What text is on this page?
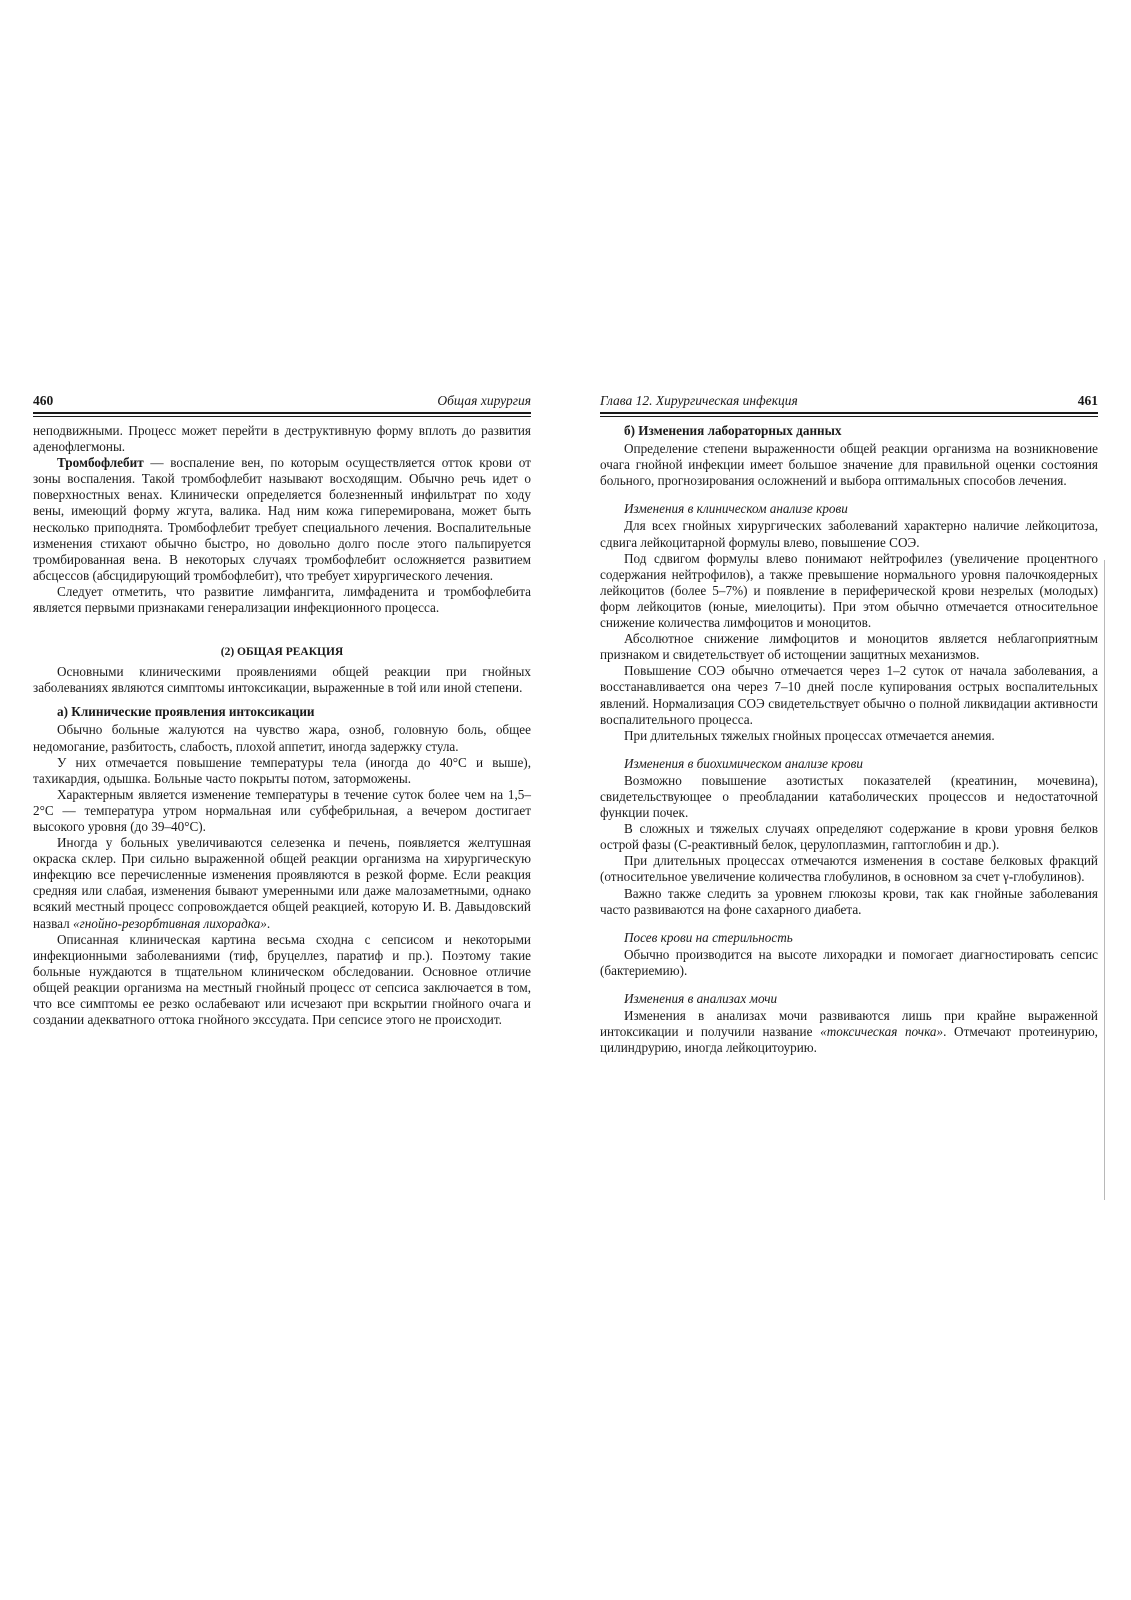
460	Общая хирургия

неподвижными. Процесс может перейти в деструктивную форму вплоть до развития аденофлегмоны.

Тромбофлебит — воспаление вен, по которым осуществляется отток крови от зоны воспаления. Такой тромбофлебит называют восходящим. Обычно речь идет о поверхностных венах. Клинически определяется болезненный инфильтрат по ходу вены, имеющий форму жгута, валика. Над ним кожа гиперемирована, может быть несколько приподнята. Тромбофлебит требует специального лечения. Воспалительные изменения стихают обычно быстро, но довольно долго после этого пальпируется тромбированная вена. В некоторых случаях тромбофлебит осложняется развитием абсцессов (абсцидирующий тромбофлебит), что требует хирургического лечения.

Следует отметить, что развитие лимфангита, лимфаденита и тромбофлебита является первыми признаками генерализации инфекционного процесса.

(2) ОБЩАЯ РЕАКЦИЯ

Основными клиническими проявлениями общей реакции при гнойных заболеваниях являются симптомы интоксикации, выраженные в той или иной степени.

а) Клинические проявления интоксикации

Обычно больные жалуются на чувство жара, озноб, головную боль, общее недомогание, разбитость, слабость, плохой аппетит, иногда задержку стула.

У них отмечается повышение температуры тела (иногда до 40°С и выше), тахикардия, одышка. Больные часто покрыты потом, заторможены.

Характерным является изменение температуры в течение суток более чем на 1,5–2°С — температура утром нормальная или субфебрильная, а вечером достигает высокого уровня (до 39–40°С).

Иногда у больных увеличиваются селезенка и печень, появляется желтушная окраска склер. При сильно выраженной общей реакции организма на хирургическую инфекцию все перечисленные изменения проявляются в резкой форме. Если реакция средняя или слабая, изменения бывают умеренными или даже малозаметными, однако всякий местный процесс сопровождается общей реакцией, которую И. В. Давыдовский назвал «гнойно-резорбтивная лихорадка».

Описанная клиническая картина весьма сходна с сепсисом и некоторыми инфекционными заболеваниями (тиф, бруцеллез, паратиф и пр.). Поэтому такие больные нуждаются в тщательном клиническом обследовании. Основное отличие общей реакции организма на местный гнойный процесс от сепсиса заключается в том, что все симптомы ее резко ослабевают или исчезают при вскрытии гнойного очага и создании адекватного оттока гнойного экссудата. При сепсисе этого не происходит.

Глава 12. Хирургическая инфекция	461
б) Изменения лабораторных данных

Определение степени выраженности общей реакции организма на возникновение очага гнойной инфекции имеет большое значение для правильной оценки состояния больного, прогнозирования осложнений и выбора оптимальных способов лечения.

Изменения в клиническом анализе крови

Для всех гнойных хирургических заболеваний характерно наличие лейкоцитоза, сдвига лейкоцитарной формулы влево, повышение СОЭ.

Под сдвигом формулы влево понимают нейтрофилез (увеличение процентного содержания нейтрофилов), а также превышение нормального уровня палочкоядерных лейкоцитов (более 5–7%) и появление в периферической крови незрелых (молодых) форм лейкоцитов (юные, миелоциты). При этом обычно отмечается относительное снижение количества лимфоцитов и моноцитов.

Абсолютное снижение лимфоцитов и моноцитов является неблагоприятным признаком и свидетельствует об истощении защитных механизмов.

Повышение СОЭ обычно отмечается через 1–2 суток от начала заболевания, а восстанавливается она через 7–10 дней после купирования острых воспалительных явлений. Нормализация СОЭ свидетельствует обычно о полной ликвидации активности воспалительного процесса.

При длительных тяжелых гнойных процессах отмечается анемия.

Изменения в биохимическом анализе крови

Возможно повышение азотистых показателей (креатинин, мочевина), свидетельствующее о преобладании катаболических процессов и недостаточной функции почек.

В сложных и тяжелых случаях определяют содержание в крови уровня белков острой фазы (С-реактивный белок, церулоплазмин, гаптоглобин и др.).

При длительных процессах отмечаются изменения в составе белковых фракций (относительное увеличение количества глобулинов, в основном за счет γ-глобулинов).

Важно также следить за уровнем глюкозы крови, так как гнойные заболевания часто развиваются на фоне сахарного диабета.

Посев крови на стерильность

Обычно производится на высоте лихорадки и помогает диагностировать сепсис (бактериемию).

Изменения в анализах мочи

Изменения в анализах мочи развиваются лишь при крайне выраженной интоксикации и получили название «токсическая почка». Отмечают протеинурию, цилиндрурию, иногда лейкоцитоурию.
